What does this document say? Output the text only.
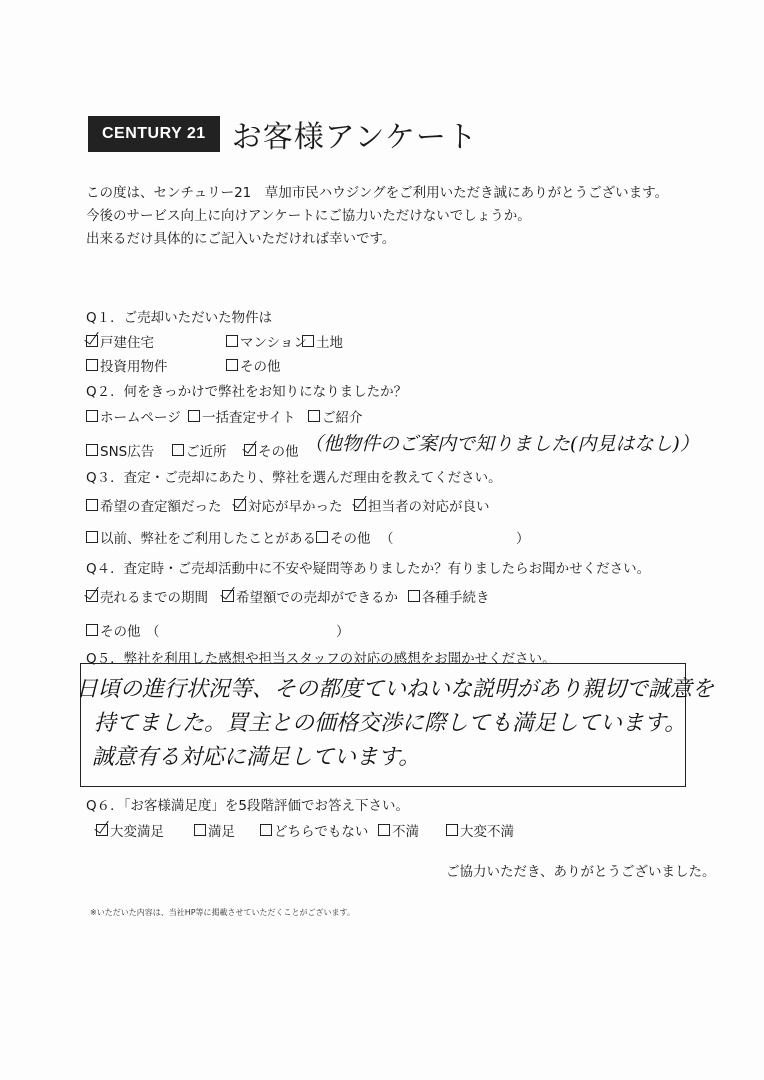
CENTURY 21 お客様アンケート
この度は、センチュリー21　草加市民ハウジングをご利用いただき誠にありがとうございます。
今後のサービス向上に向けアンケートにご協力いただけないでしょうか。
出来るだけ具体的にご記入いただければ幸いです。
Q１．ご売却いただいた物件は
戸建住宅	マンション 土地
投資用物件	その他
Q２．何をきっかけで弊社をお知りになりましたか？
ホームページ 一括査定サイト ご紹介
SNS広告 ご近所 その他 （他物件のご案内で知りました(内見はなし)）
Q３．査定・ご売却にあたり、弊社を選んだ理由を教えてください。
希望の査定額だった 対応が早かった 担当者の対応が良い
以前、弊社をご利用したことがある その他 （	）
Q４．査定時・ご売却活動中に不安や疑問等ありましたか？有りましたらお聞かせください。
売れるまでの期間 希望額での売却ができるか 各種手続き
その他 （	）
Q５．弊社を利用した感想や担当スタッフの対応の感想をお聞かせください。
日頃の進行状況等、その都度ていねいな説明があり親切で誠意を
持てました。買主との価格交渉に際しても満足しています。
誠意有る対応に満足しています。
Q６．「お客様満足度」を5段階評価でお答え下さい。
大変満足	満足	どちらでもない 不満	大変不満
ご協力いただき、ありがとうございました。
※いただいた内容は、当社HP等に掲載させていただくことがございます。
